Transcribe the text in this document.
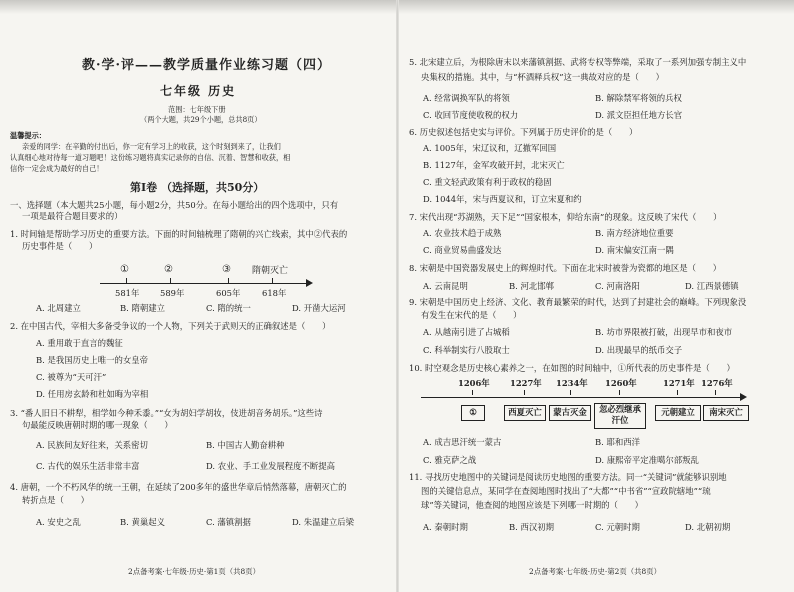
教·学·评——教学质量作业练习题（四）
七年级 历史
范围：七年级下册
（两个大题，共29个小题，总共8页）
温馨提示：
亲爱的同学：在辛勤的付出后，你一定有学习上的收获，这个时刻到来了，让我们
认真细心地对待每一道习题吧！这份练习题将真实记录你的自信、沉着、智慧和收获，相
信你一定会成为最好的自己！
第Ⅰ卷 （选择题，共50分）
一、选择题（本大题共25小题，每小题2分，共50分。在每小题给出的四个选项中，只有
一项是最符合题目要求的）
1. 时间轴是帮助学习历史的重要方法。下面的时间轴梳理了隋朝的兴亡线索，其中②代表的
历史事件是（　　）
①	②	③ 隋朝灭亡
581年 589年	605年	618年
A. 北周建立	B. 隋朝建立	C. 隋的统一	D. 开凿大运河
2. 在中国古代，宰相大多备受争议的一个人物，下列关于武则天的正确叙述是（　　）
A. 重用敢于直言的魏征
B. 是我国历史上唯一的女皇帝
C. 被尊为“天可汗”
D. 任用房玄龄和杜如晦为宰相
3. “番人旧日不耕犁，相学如今种禾黍。”“女为胡妇学胡妆，伎进胡音务胡乐。”这些诗
句最能反映唐朝时期的哪一现象（　　）
A. 民族间友好往来，关系密切	B. 中国古人勤奋耕种
C. 古代的娱乐生活非常丰富	D. 农业、手工业发展程度不断提高
4. 唐朝，一个不朽风华的统一王朝，在延续了200多年的盛世华章后悄然落幕，唐朝灭亡的
转折点是（　　）
A. 安史之乱	B. 黄巢起义	C. 藩镇割据	D. 朱温建立后梁
2点备考案·七年级·历史·第1页（共8页）
5. 北宋建立后，为根除唐末以来藩镇割据、武将专权等弊端，采取了一系列加强专制主义中
央集权的措施。其中，与“杯酒释兵权”这一典故对应的是（　　）
A. 经常调换军队的将领	B. 解除禁军将领的兵权
C. 收回节度使收税的权力	D. 派文臣担任地方长官
6. 历史叙述包括史实与评价。下列属于历史评价的是（　　）
A. 1005年，宋辽议和，辽撤军回国
B. 1127年，金军攻破开封，北宋灭亡
C. 重文轻武政策有利于政权的稳固
D. 1044年，宋与西夏议和，订立宋夏和约
7. 宋代出现“苏湖熟，天下足”“国家根本，仰给东南”的现象。这反映了宋代（　　）
A. 农业技术趋于成熟	B. 南方经济地位重要
C. 商业贸易曲盛发达	D. 南宋偏安江南一隅
8. 宋朝是中国瓷器发展史上的辉煌时代。下面在北宋时被誉为瓷都的地区是（　　）
A. 云南昆明	B. 河北邯郸	C. 河南洛阳	D. 江西景德镇
9. 宋朝是中国历史上经济、文化、教育最繁荣的时代，达到了封建社会的巅峰。下列现象没
有发生在宋代的是（　　）
A. 从越南引进了占城稻	B. 坊市界限被打破，出现早市和夜市
C. 科举制实行八股取士	D. 出现最早的纸币交子
10. 时空观念是历史核心素养之一，在如图的时间轴中，①所代表的历史事件是（　　）
1206年 1227年 1234年 1260年	1271年 1276年
①	西夏灭亡	蒙古灭金	忽必烈继承汗位
元朝建立	南宋灭亡
A. 成吉思汗统一蒙古	B. 耶和西洋
C. 雅克萨之战	D. 康熙帝平定准噶尔部叛乱
11. 寻找历史地图中的关键词是阅读历史地图的重要方法。同一“关键词”就能够识别地
图的关键信息点，某同学在查阅地图时找出了“大都”“中书省”“宣政院辖地”“琉
球”等关键词，他查阅的地图应该是下列哪一时期的（　　）
A. 秦朝时期	B. 西汉初期	C. 元朝时期	D. 北朝初期
2点备考案·七年级·历史·第2页（共8页）
